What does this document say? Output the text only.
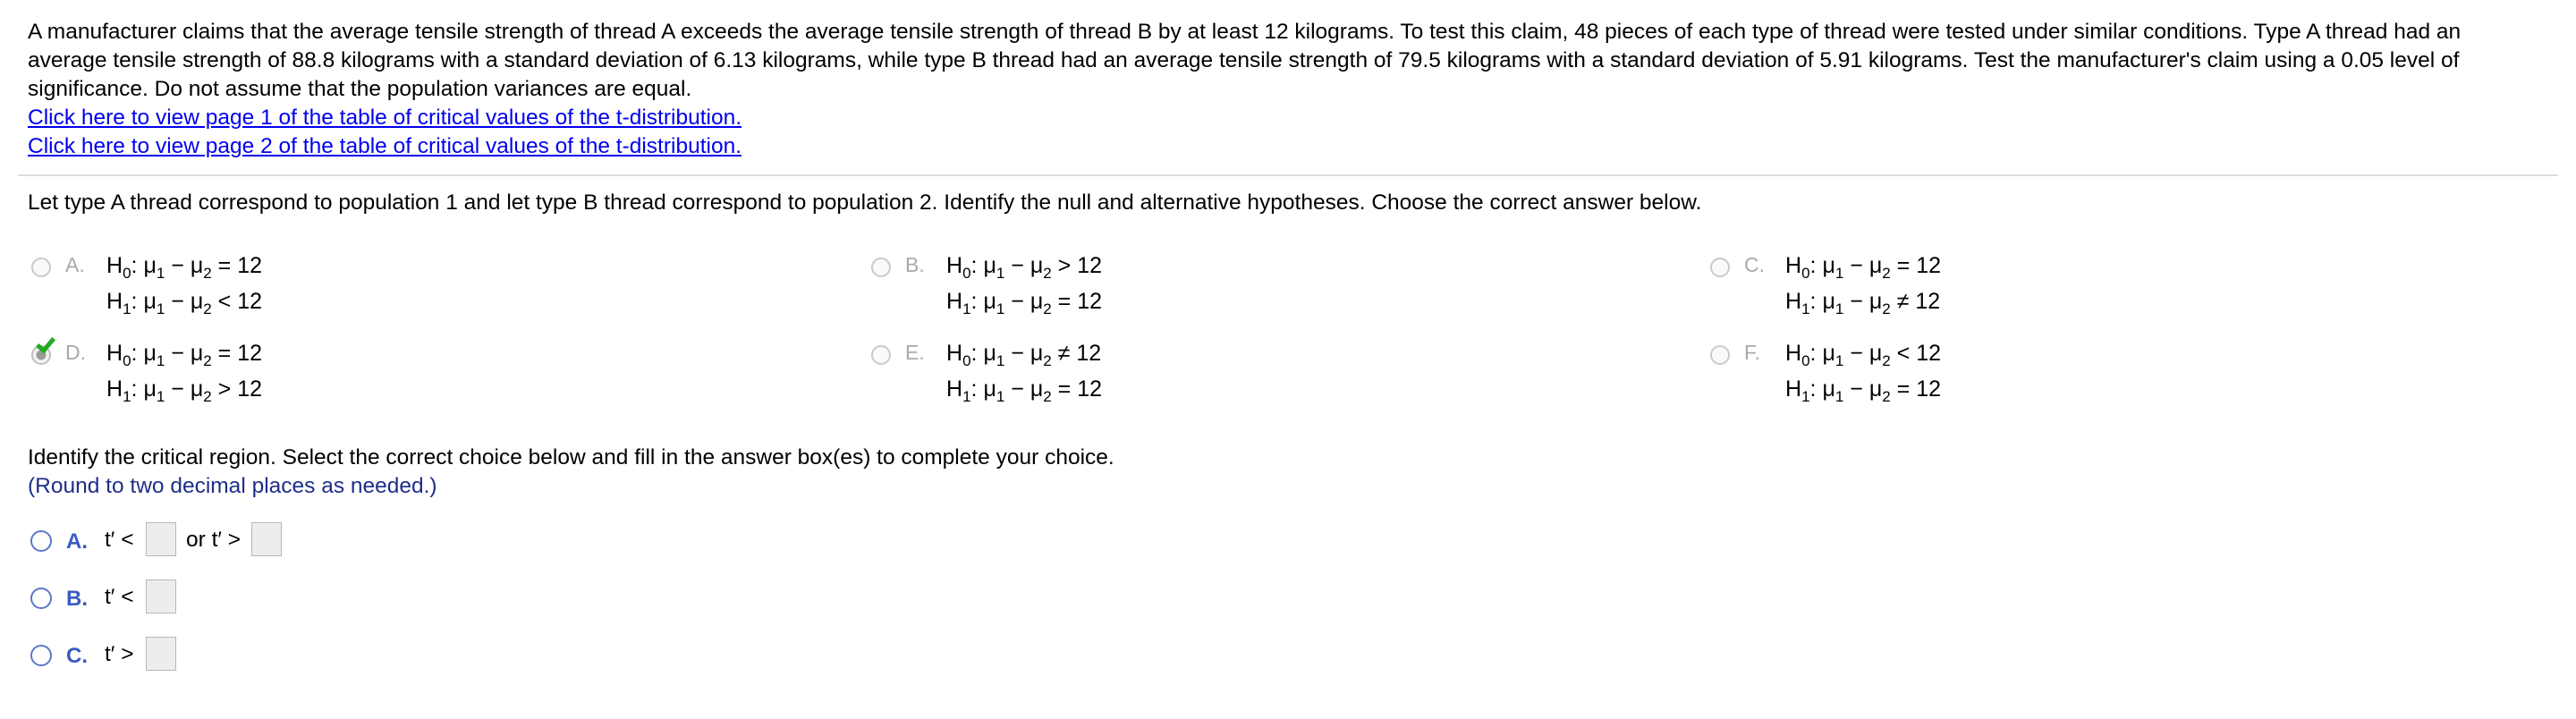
A manufacturer claims that the average tensile strength of thread A exceeds the average tensile strength of thread B by at least 12 kilograms. To test this claim, 48 pieces of each type of thread were tested under similar conditions. Type A thread had an average tensile strength of 88.8 kilograms with a standard deviation of 6.13 kilograms, while type B thread had an average tensile strength of 79.5 kilograms with a standard deviation of 5.91 kilograms. Test the manufacturer's claim using a 0.05 level of significance. Do not assume that the population variances are equal.

Click here to view page 1 of the table of critical values of the t-distribution.
Click here to view page 2 of the table of critical values of the t-distribution.
Let type A thread correspond to population 1 and let type B thread correspond to population 2. Identify the null and alternative hypotheses. Choose the correct answer below.
A. $H_0$: $\mu_1 - \mu_2 = 12$
$H_1$: $\mu_1 - \mu_2 < 12$
B. $H_0$: $\mu_1 - \mu_2 > 12$
$H_1$: $\mu_1 - \mu_2 = 12$
C. $H_0$: $\mu_1 - \mu_2 = 12$
$H_1$: $\mu_1 - \mu_2 \ne 12$
D. $H_0$: $\mu_1 - \mu_2 = 12$
$H_1$: $\mu_1 - \mu_2 > 12$
E. $H_0$: $\mu_1 - \mu_2 \ne 12$
$H_1$: $\mu_1 - \mu_2 = 12$
F. $H_0$: $\mu_1 - \mu_2 < 12$
$H_1$: $\mu_1 - \mu_2 = 12$
Identify the critical region. Select the correct choice below and fill in the answer box(es) to complete your choice.
(Round to two decimal places as needed.)
A. t′ < or t′ >
B. t′ <
C. t′ >
